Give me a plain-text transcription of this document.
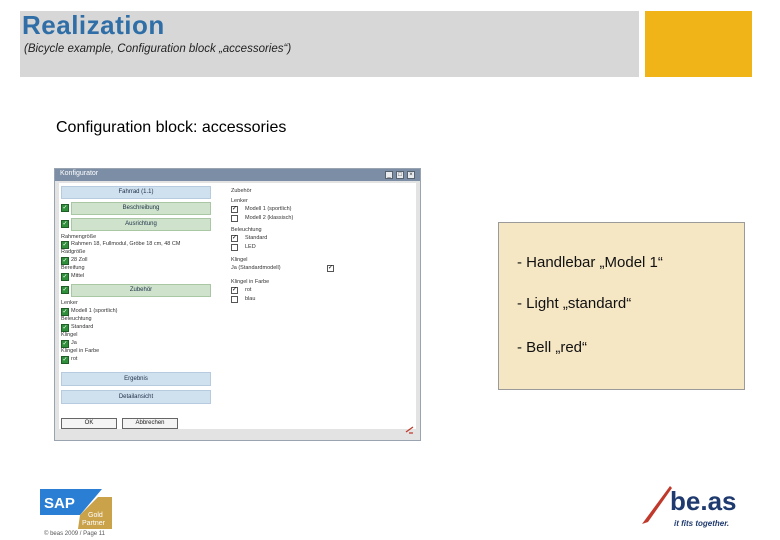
Realization
(Bicycle example, Configuration block „accessories“)
Configuration block: accessories
Konfigurator	_	□	×
Fahrrad (1.1)
✓	Beschreibung
✓	Ausrichtung
Rahmengröße
✓ Rahmen 18, Fullmodul, Gröbe 18 cm, 48 CM
Radgröße
✓ 28 Zoll
Bereifung
✓ Mittel
✓	Zubehör
Lenker
✓ Modell 1 (sportlich)
Beleuchtung
✓ Standard
Klingel
✓ Ja
Klingel in Farbe
✓ rot
Ergebnis
Detailansicht
Zubehör
Lenker
✓ Modell 1 (sportlich)
Modell 2 (klassisch)
Beleuchtung
✓ Standard
LED
Klingel
Ja (Standardmodell)	✓
Klingel in Farbe
✓ rot
blau
OK	Abbrechen
- Handlebar „Model 1“
- Light „standard“
- Bell „red“
SAP
Gold
Partner
© beas 2009 / Page 11
be.as
it fits together.
